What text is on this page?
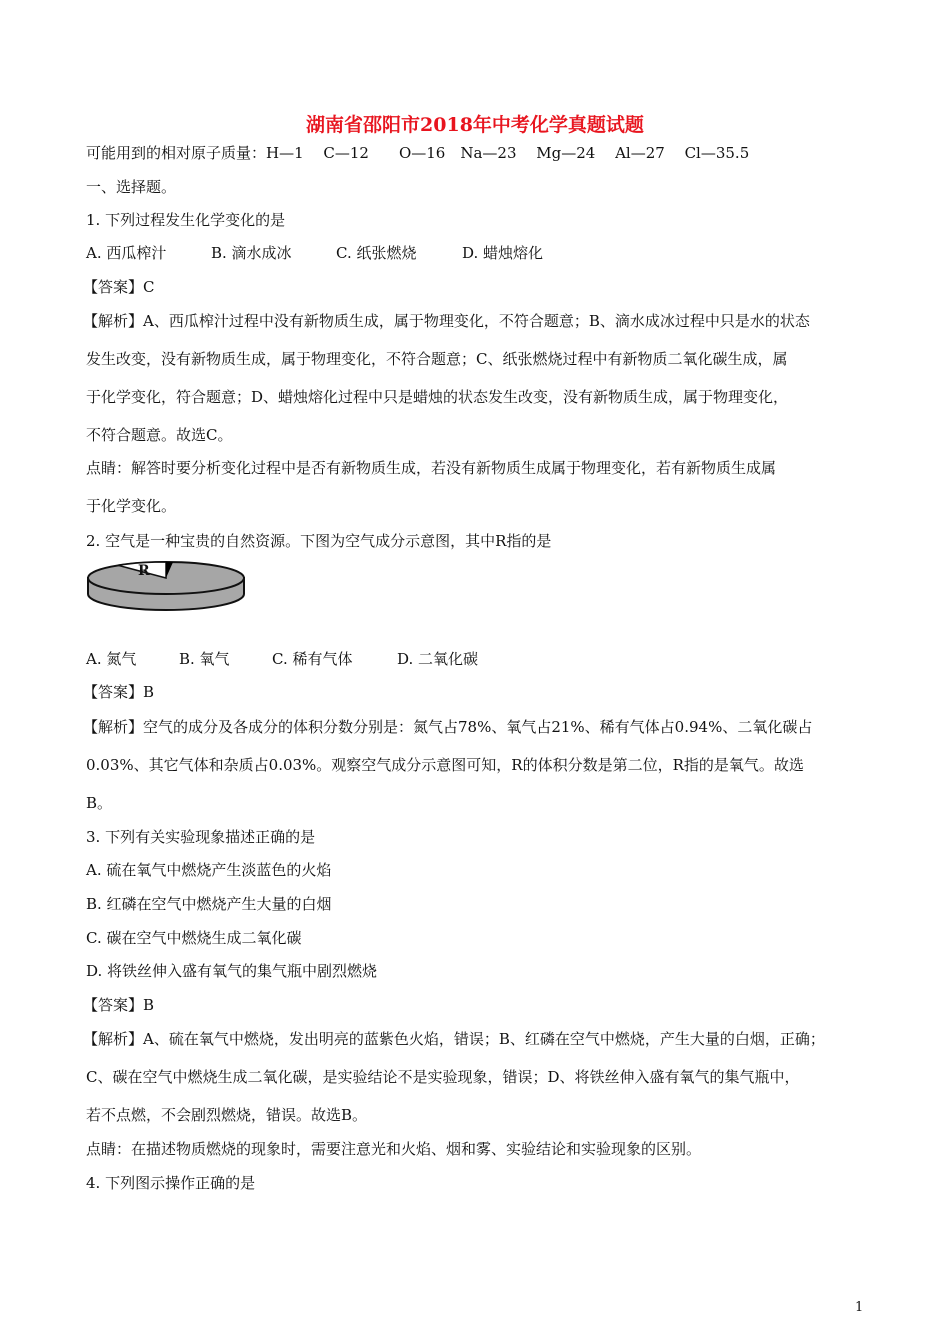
湖南省邵阳市2018年中考化学真题试题
可能用到的相对原子质量：H—1　 C—12　　O—16　Na—23　 Mg—24　 Al—27　 Cl—35.5
一、选择题。
1. 下列过程发生化学变化的是
A. 西瓜榨汁	B. 滴水成冰	C. 纸张燃烧	D. 蜡烛熔化
【答案】C
【解析】A、西瓜榨汁过程中没有新物质生成，属于物理变化，不符合题意；B、滴水成冰过程中只是水的状态
发生改变，没有新物质生成，属于物理变化，不符合题意；C、纸张燃烧过程中有新物质二氧化碳生成，属
于化学变化，符合题意；D、蜡烛熔化过程中只是蜡烛的状态发生改变，没有新物质生成，属于物理变化，
不符合题意。故选C。
点睛：解答时要分析变化过程中是否有新物质生成，若没有新物质生成属于物理变化，若有新物质生成属
于化学变化。
2. 空气是一种宝贵的自然资源。下图为空气成分示意图，其中R指的是
R
A. 氮气	B. 氧气	C. 稀有气体	D. 二氧化碳
【答案】B
【解析】空气的成分及各成分的体积分数分别是：氮气占78%、氧气占21%、稀有气体占0.94%、二氧化碳占
0.03%、其它气体和杂质占0.03%。观察空气成分示意图可知，R的体积分数是第二位，R指的是氧气。故选
B。
3. 下列有关实验现象描述正确的是
A. 硫在氧气中燃烧产生淡蓝色的火焰
B. 红磷在空气中燃烧产生大量的白烟
C. 碳在空气中燃烧生成二氧化碳
D. 将铁丝伸入盛有氧气的集气瓶中剧烈燃烧
【答案】B
【解析】A、硫在氧气中燃烧，发出明亮的蓝紫色火焰，错误；B、红磷在空气中燃烧，产生大量的白烟，正确；
C、碳在空气中燃烧生成二氧化碳，是实验结论不是实验现象，错误；D、将铁丝伸入盛有氧气的集气瓶中，
若不点燃，不会剧烈燃烧，错误。故选B。
点睛：在描述物质燃烧的现象时，需要注意光和火焰、烟和雾、实验结论和实验现象的区别。
4. 下列图示操作正确的是
1
